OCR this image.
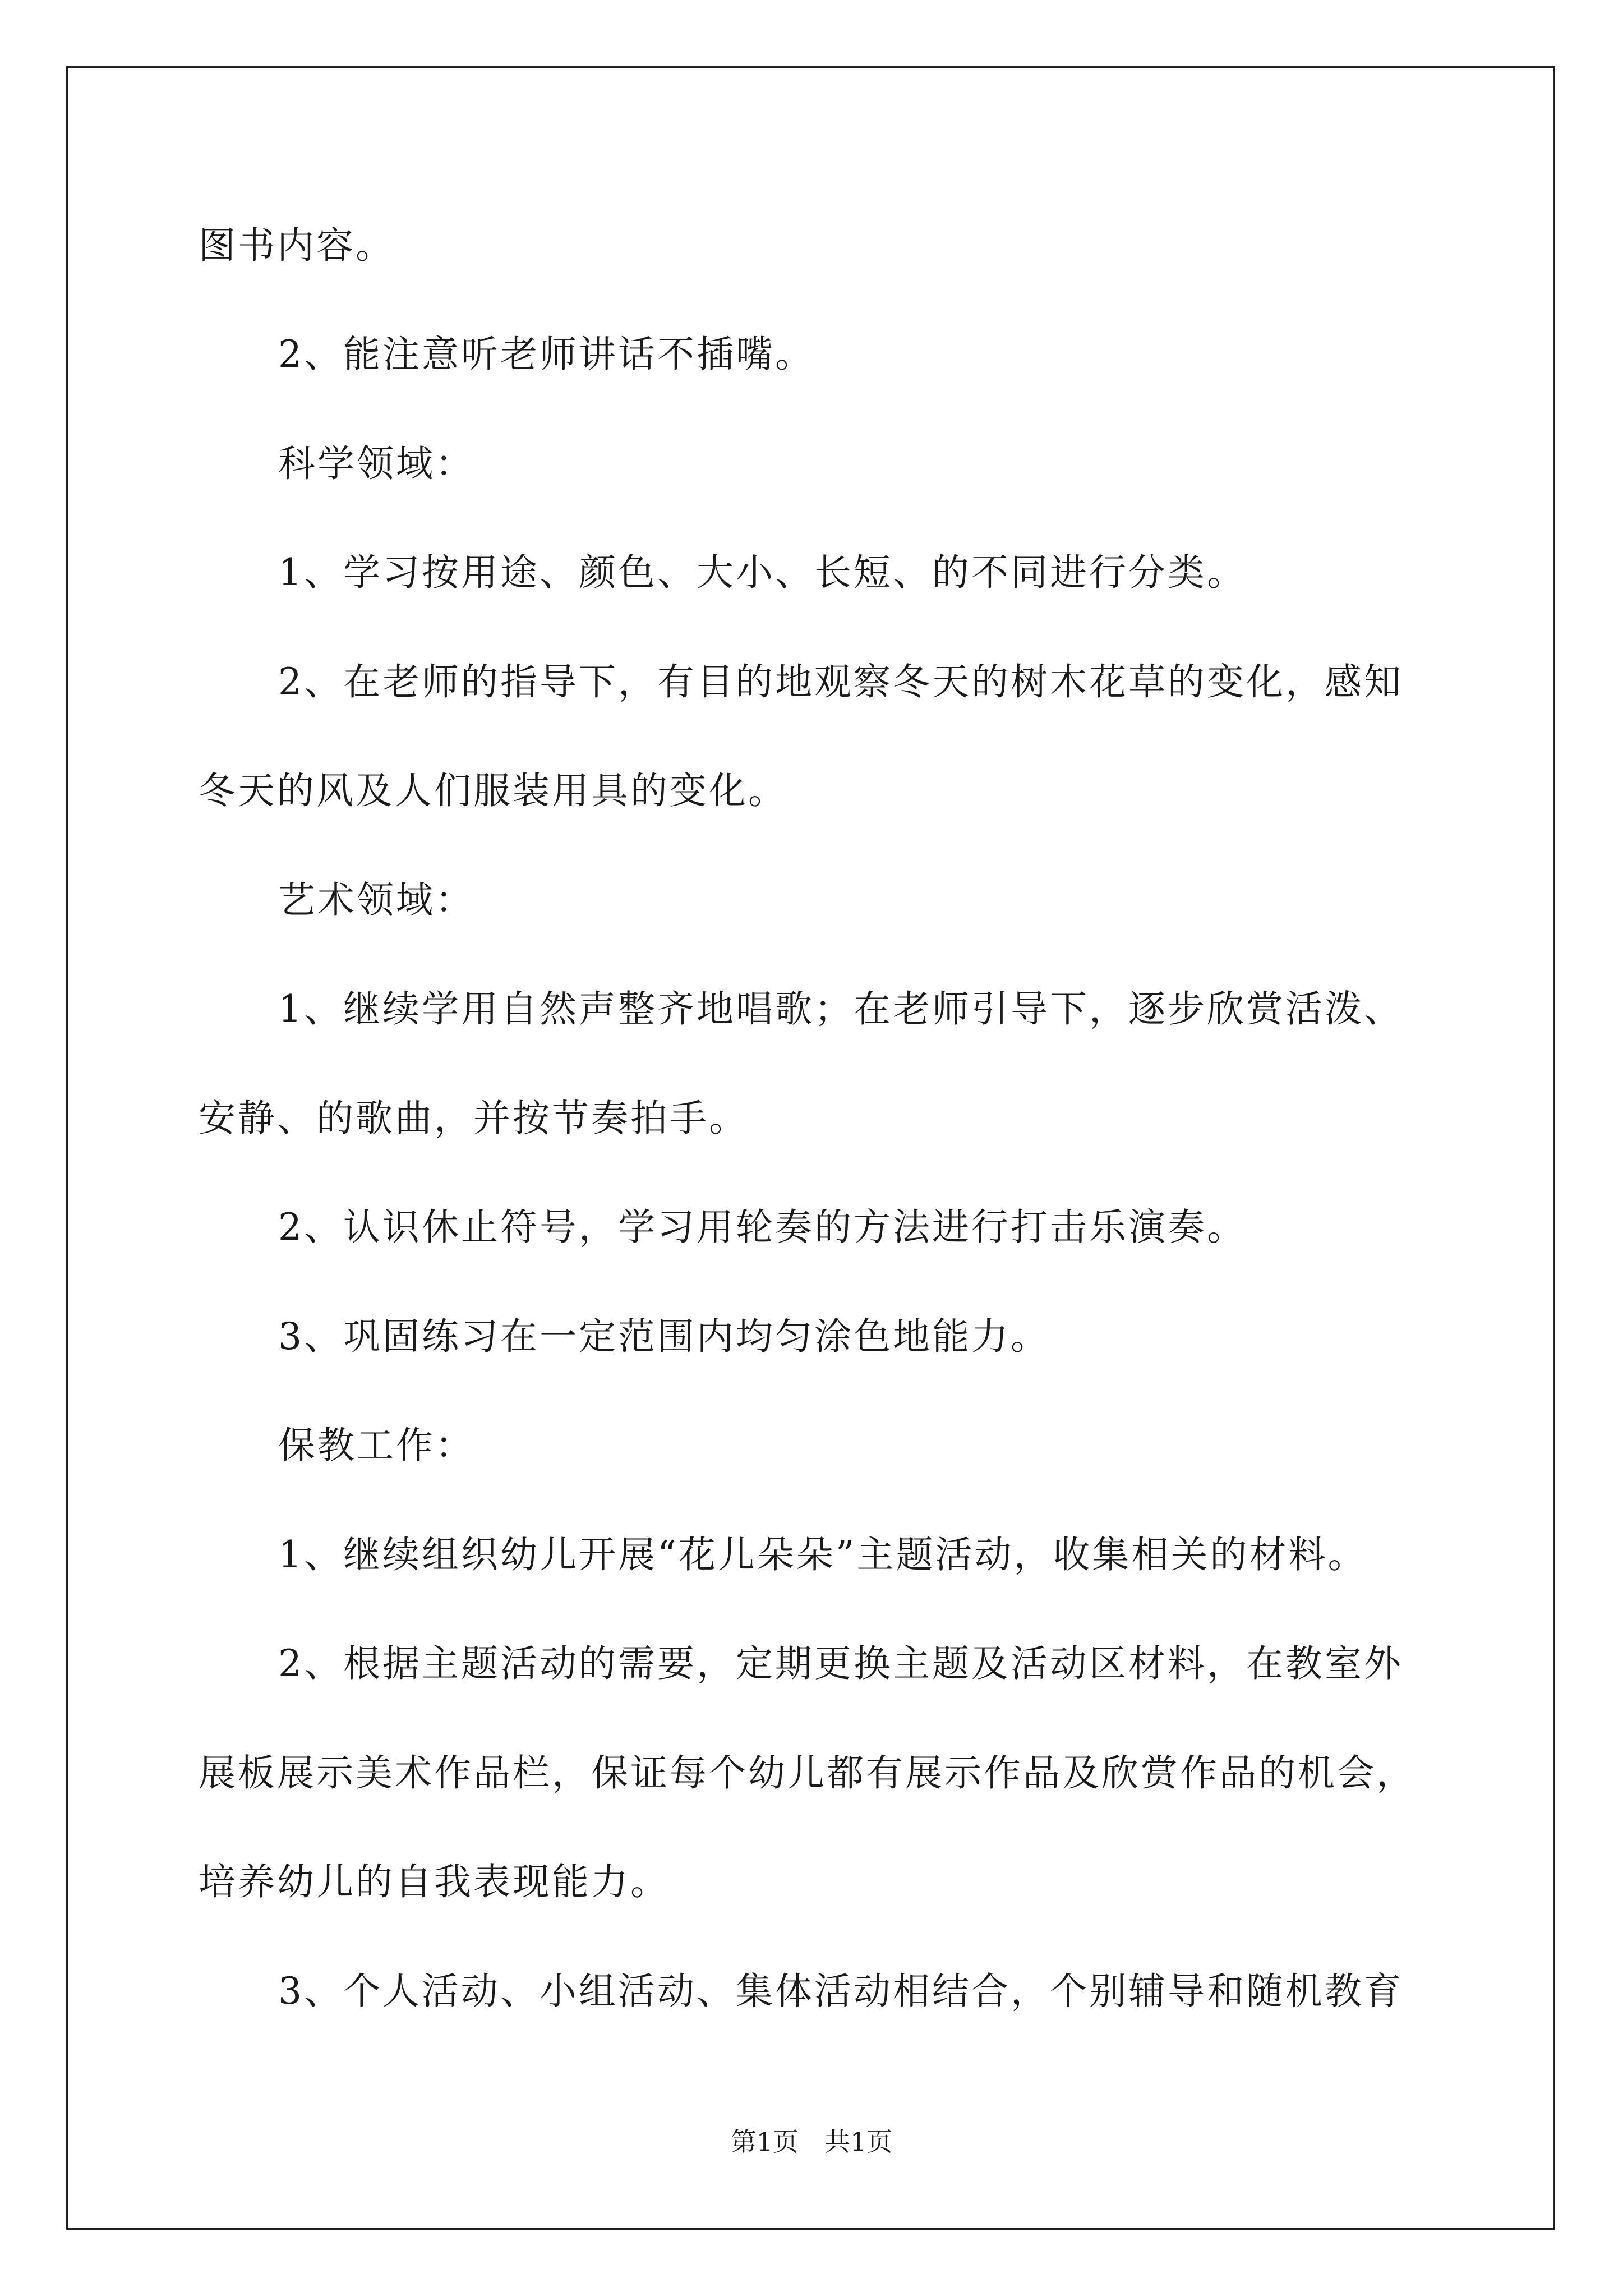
图书内容。
2、能注意听老师讲话不插嘴。
科学领域：
1、学习按用途、颜色、大小、长短、的不同进行分类。
2、在老师的指导下，有目的地观察冬天的树木花草的变化，感知
冬天的风及人们服装用具的变化。
艺术领域：
1、继续学用自然声整齐地唱歌；在老师引导下，逐步欣赏活泼、
安静、的歌曲，并按节奏拍手。
2、认识休止符号，学习用轮奏的方法进行打击乐演奏。
3、巩固练习在一定范围内均匀涂色地能力。
保教工作：
1、继续组织幼儿开展“花儿朵朵”主题活动，收集相关的材料。
2、根据主题活动的需要，定期更换主题及活动区材料，在教室外
展板展示美术作品栏，保证每个幼儿都有展示作品及欣赏作品的机会，
培养幼儿的自我表现能力。
3、个人活动、小组活动、集体活动相结合，个别辅导和随机教育
第1页　共1页
